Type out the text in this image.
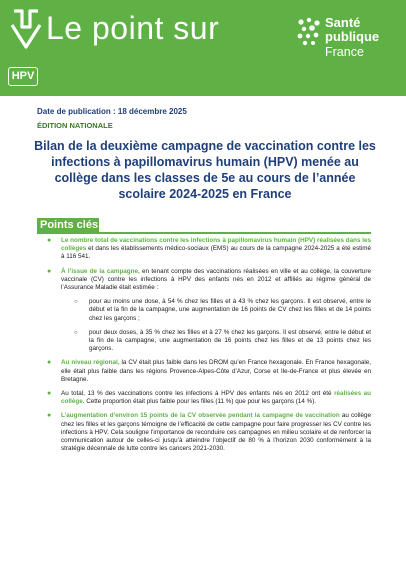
Le point sur	Santé
publique
France
HPV
Date de publication : 18 décembre 2025
ÉDITION NATIONALE
Bilan de la deuxième campagne de vaccination contre les infections à papillomavirus humain (HPV) menée au collège dans les classes de 5e au cours de l’année scolaire 2024-2025 en France
Points clés
● Le nombre total de vaccinations contre les infections à papillomavirus humain (HPV) réalisées dans les collèges et dans les établissements médico-sociaux (EMS) au cours de la campagne 2024-2025 a été estimé à 116 541.
● À l’issue de la campagne, en tenant compte des vaccinations réalisées en ville et au collège, la couverture vaccinale (CV) contre les infections à HPV des enfants nés en 2012 et affiliés au régime général de l’Assurance Maladie était estimée :
○ pour au moins une dose, à 54 % chez les filles et à 43 % chez les garçons. Il est observé, entre le début et la fin de la campagne, une augmentation de 16 points de CV chez les filles et de 14 points chez les garçons ;
○ pour deux doses, à 35 % chez les filles et à 27 % chez les garçons. Il est observé, entre le début et la fin de la campagne, une augmentation de 16 points chez les filles et de 13 points chez les garçons.
● Au niveau régional, la CV était plus faible dans les DROM qu’en France hexagonale. En France hexagonale, elle était plus faible dans les régions Provence-Alpes-Côte d’Azur, Corse et Ile-de-France et plus élevée en Bretagne.
● Au total, 13 % des vaccinations contre les infections à HPV des enfants nés en 2012 ont été réalisées au collège. Cette proportion était plus faible pour les filles (11 %) que pour les garçons (14 %).
● L’augmentation d’environ 15 points de la CV observée pendant la campagne de vaccination au collège chez les filles et les garçons témoigne de l’efficacité de cette campagne pour faire progresser les CV contre les infections à HPV. Cela souligne l’importance de reconduire ces campagnes en milieu scolaire et de renforcer la communication autour de celles-ci jusqu’à atteindre l’objectif de 80 % à l’horizon 2030 conformément à la stratégie décennale de lutte contre les cancers 2021-2030.
